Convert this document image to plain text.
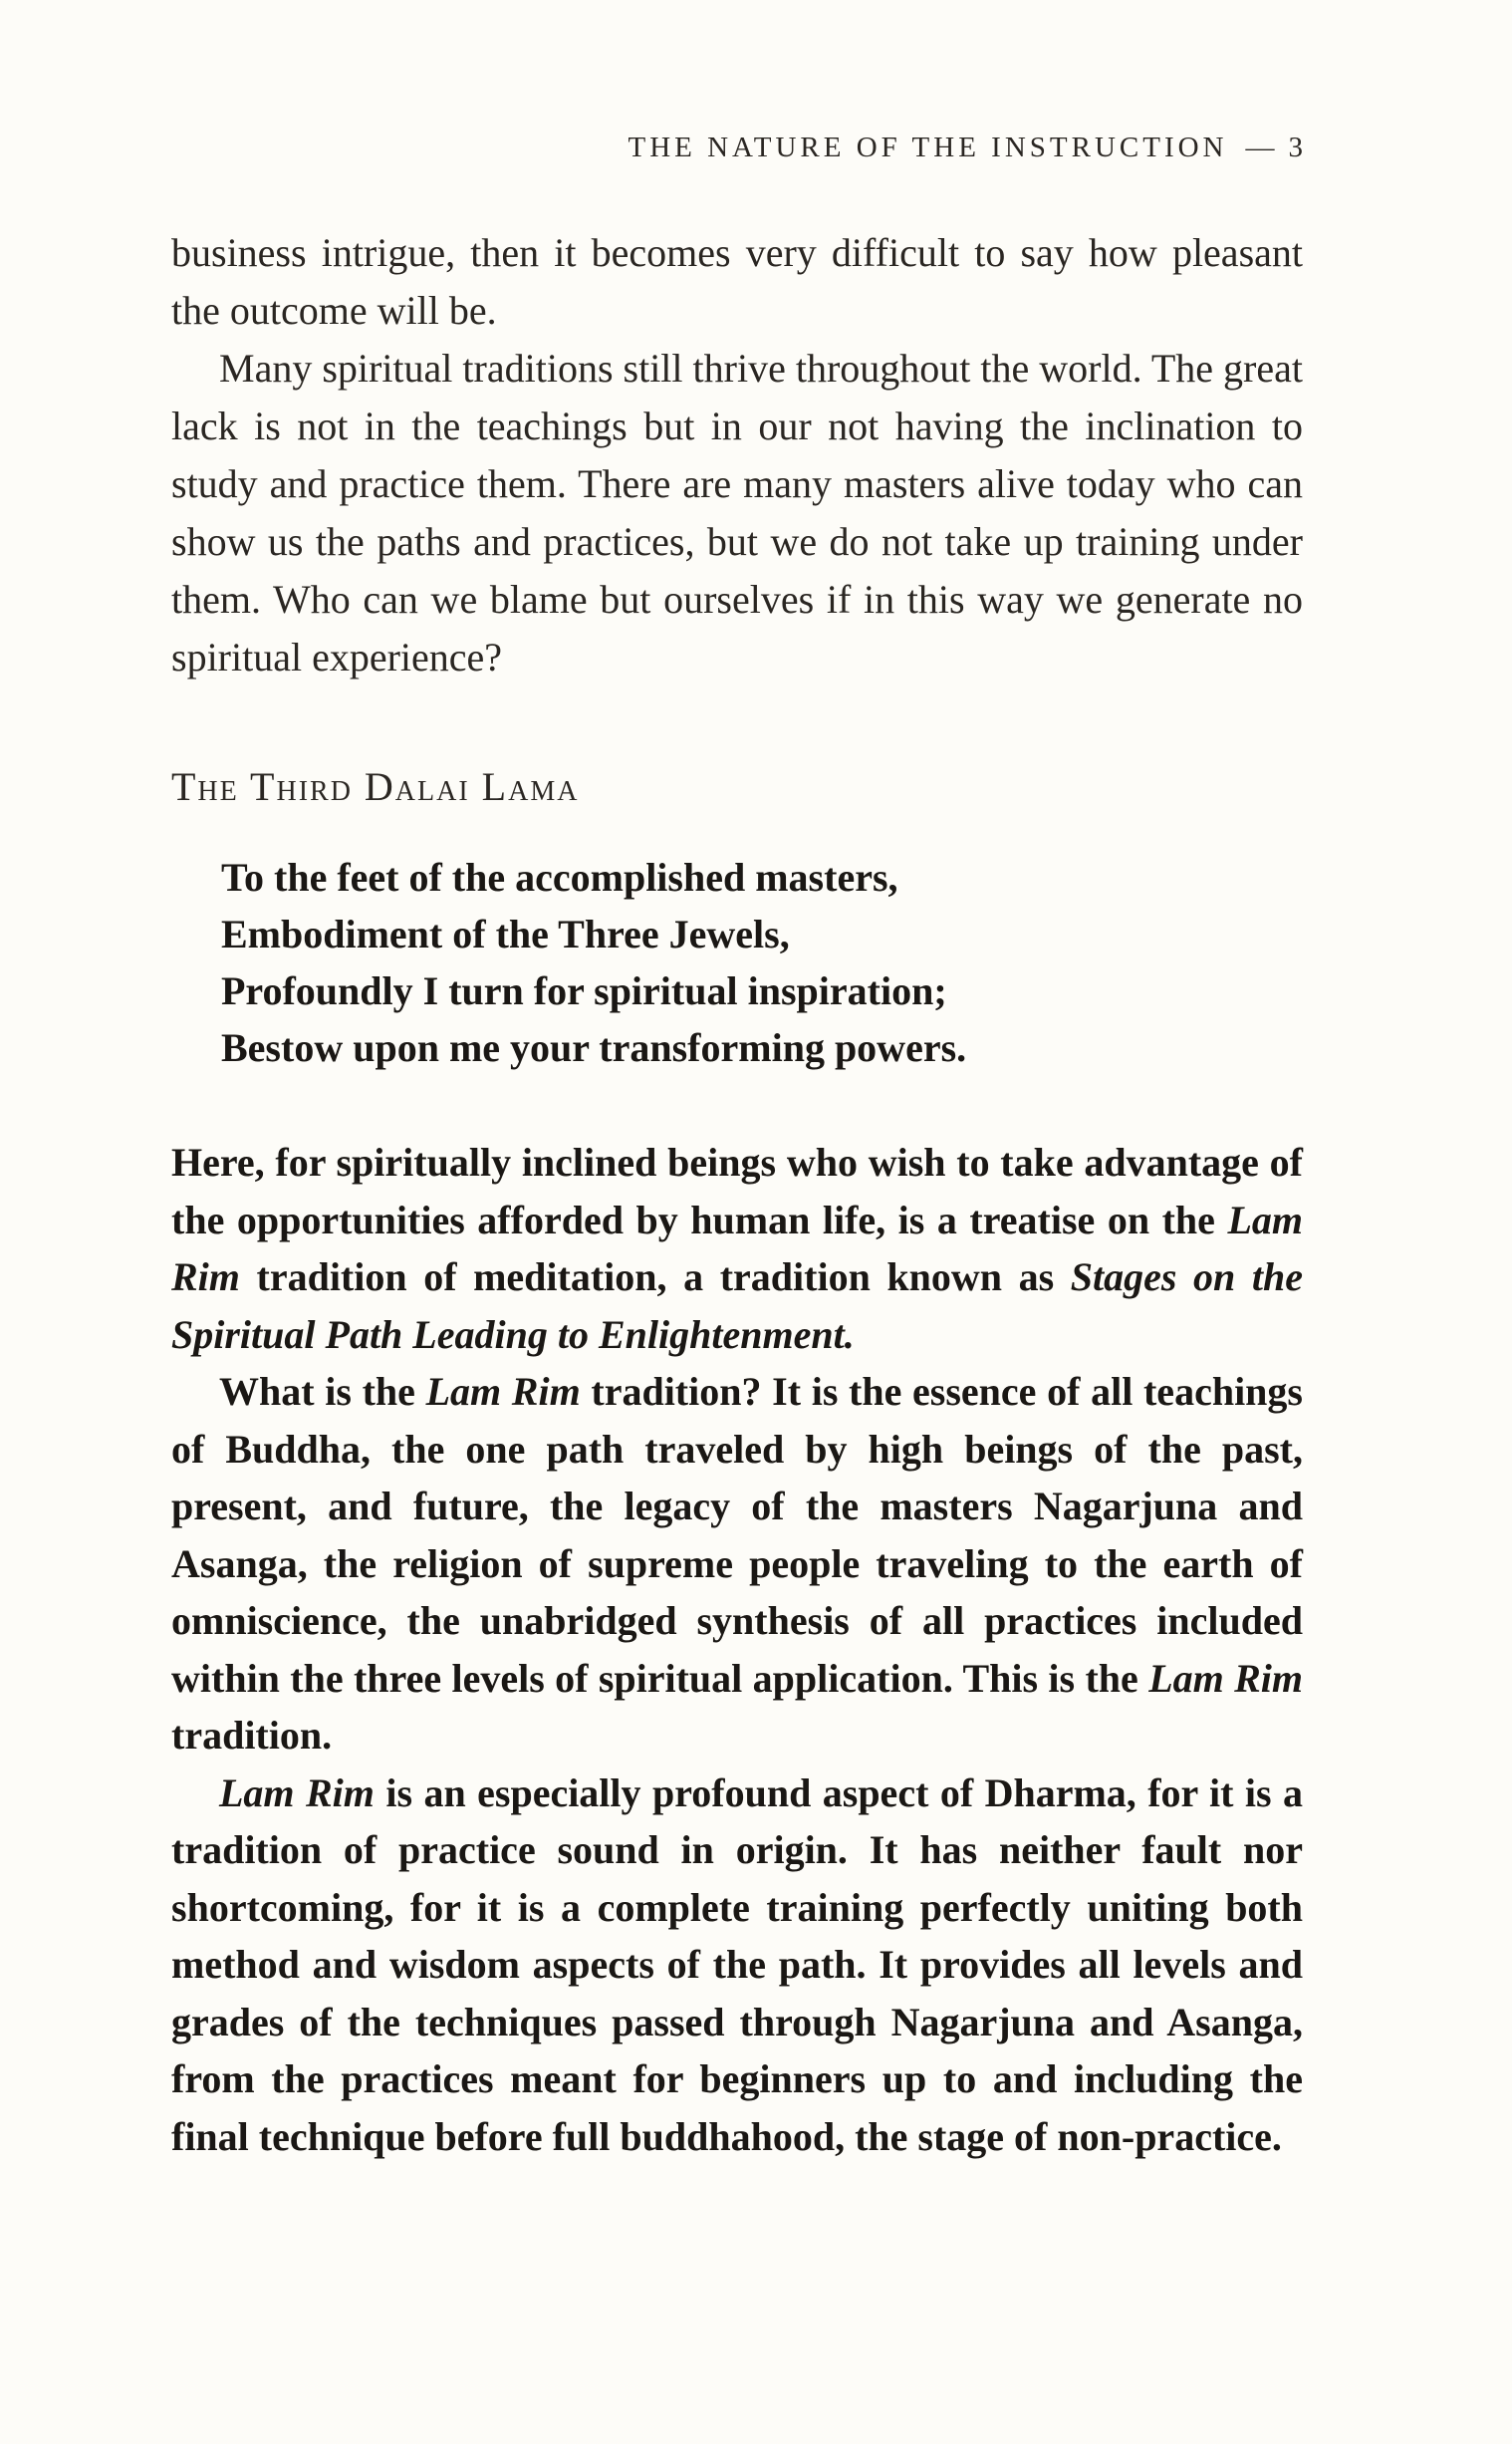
THE NATURE OF THE INSTRUCTION — 3

business intrigue, then it becomes very difficult to say how pleasant the outcome will be.

Many spiritual traditions still thrive throughout the world. The great lack is not in the teachings but in our not having the inclination to study and practice them. There are many masters alive today who can show us the paths and practices, but we do not take up training under them. Who can we blame but ourselves if in this way we generate no spiritual experience?

The Third Dalai Lama
To the feet of the accomplished masters,
Embodiment of the Three Jewels,
Profoundly I turn for spiritual inspiration;
Bestow upon me your transforming powers.

Here, for spiritually inclined beings who wish to take advantage of the opportunities afforded by human life, is a treatise on the Lam Rim tradition of meditation, a tradition known as Stages on the Spiritual Path Leading to Enlightenment.

What is the Lam Rim tradition? It is the essence of all teachings of Buddha, the one path traveled by high beings of the past, present, and future, the legacy of the masters Nagarjuna and Asanga, the religion of supreme people traveling to the earth of omniscience, the unabridged synthesis of all practices included within the three levels of spiritual application. This is the Lam Rim tradition.

Lam Rim is an especially profound aspect of Dharma, for it is a tradition of practice sound in origin. It has neither fault nor shortcoming, for it is a complete training perfectly uniting both method and wisdom aspects of the path. It provides all levels and grades of the techniques passed through Nagarjuna and Asanga, from the practices meant for beginners up to and including the final technique before full buddhahood, the stage of non-practice.
